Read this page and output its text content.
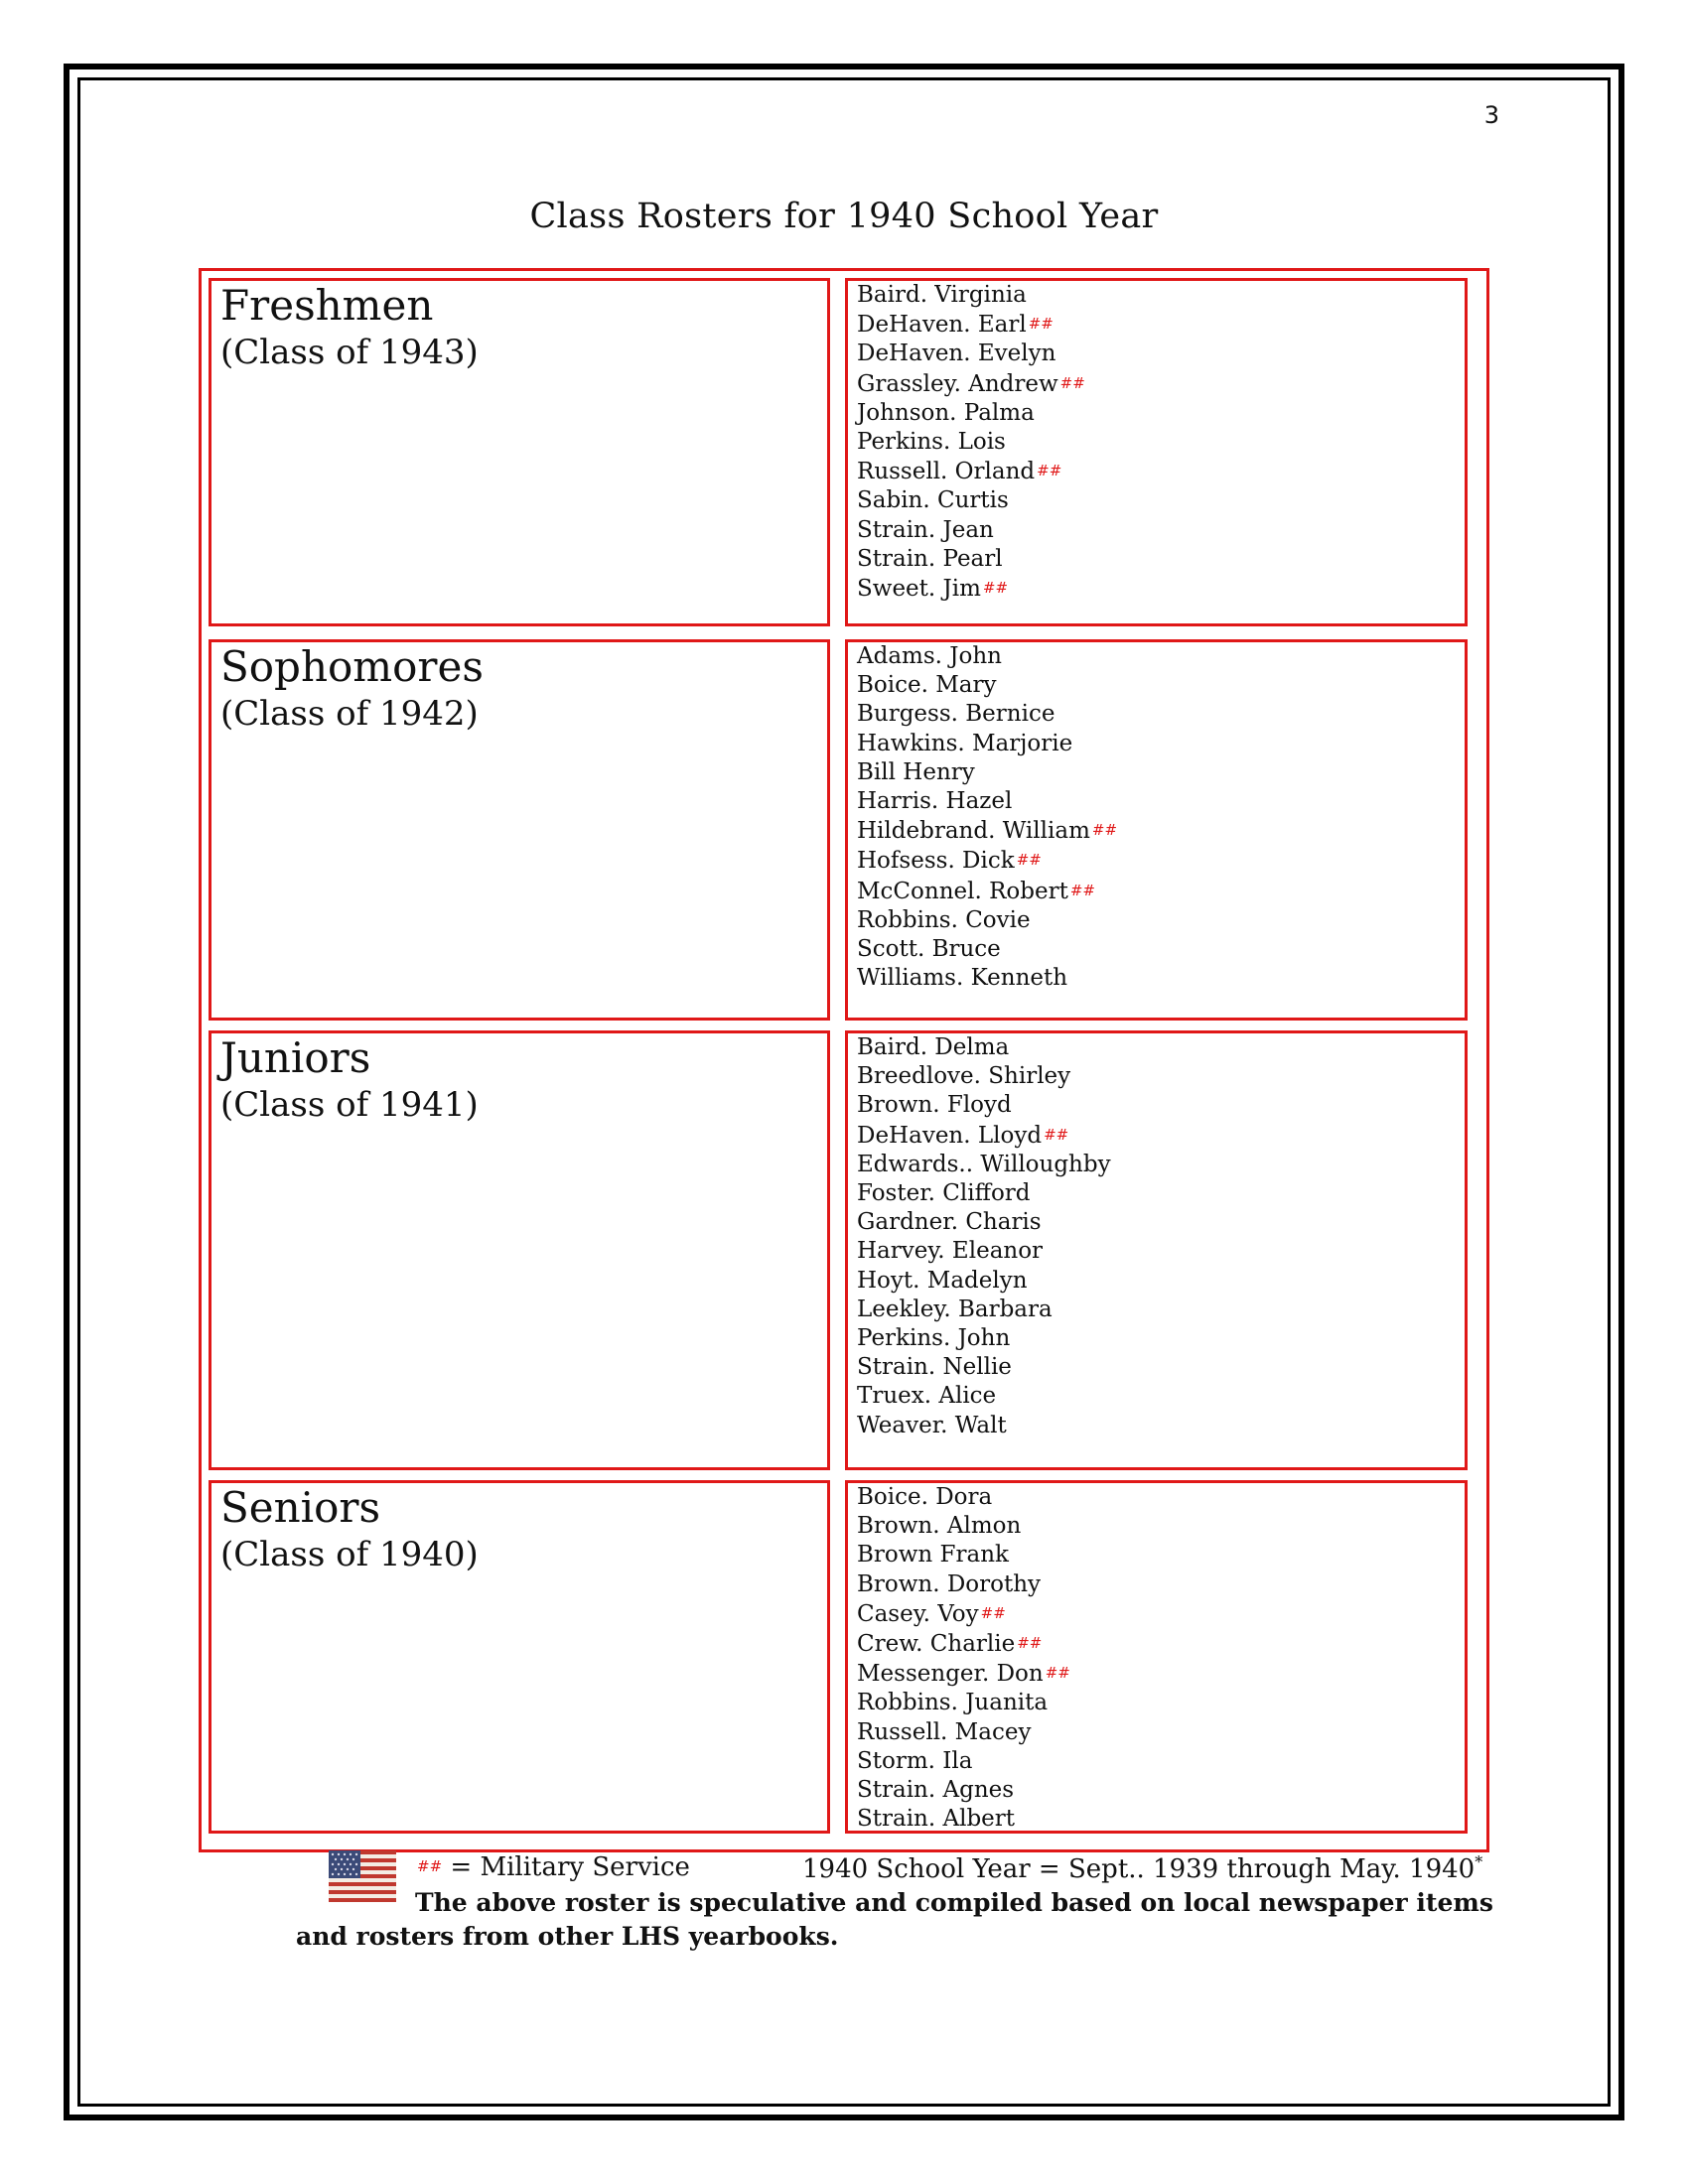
3
Class Rosters for 1940 School Year
Freshmen
(Class of 1943)
Baird. Virginia
DeHaven. Earl ##
DeHaven. Evelyn
Grassley. Andrew ##
Johnson. Palma
Perkins. Lois
Russell. Orland ##
Sabin. Curtis
Strain. Jean
Strain. Pearl
Sweet. Jim ##
Sophomores
(Class of 1942)
Adams. John
Boice. Mary
Burgess. Bernice
Hawkins. Marjorie
Bill Henry
Harris. Hazel
Hildebrand. William ##
Hofsess. Dick ##
McConnel. Robert ##
Robbins. Covie
Scott. Bruce
Williams. Kenneth
Juniors
(Class of 1941)
Baird. Delma
Breedlove. Shirley
Brown. Floyd
DeHaven. Lloyd ##
Edwards.. Willoughby
Foster. Clifford
Gardner. Charis
Harvey. Eleanor
Hoyt. Madelyn
Leekley. Barbara
Perkins. John
Strain. Nellie
Truex. Alice
Weaver. Walt
Seniors
(Class of 1940)
Boice. Dora
Brown. Almon
Brown Frank
Brown. Dorothy
Casey. Voy ##
Crew. Charlie ##
Messenger. Don ##
Robbins. Juanita
Russell. Macey
Storm. Ila
Strain. Agnes
Strain. Albert
## = Military Service	1940 School Year = Sept.. 1939 through May. 1940*
The above roster is speculative and compiled based on local newspaper items
and rosters from other LHS yearbooks.
